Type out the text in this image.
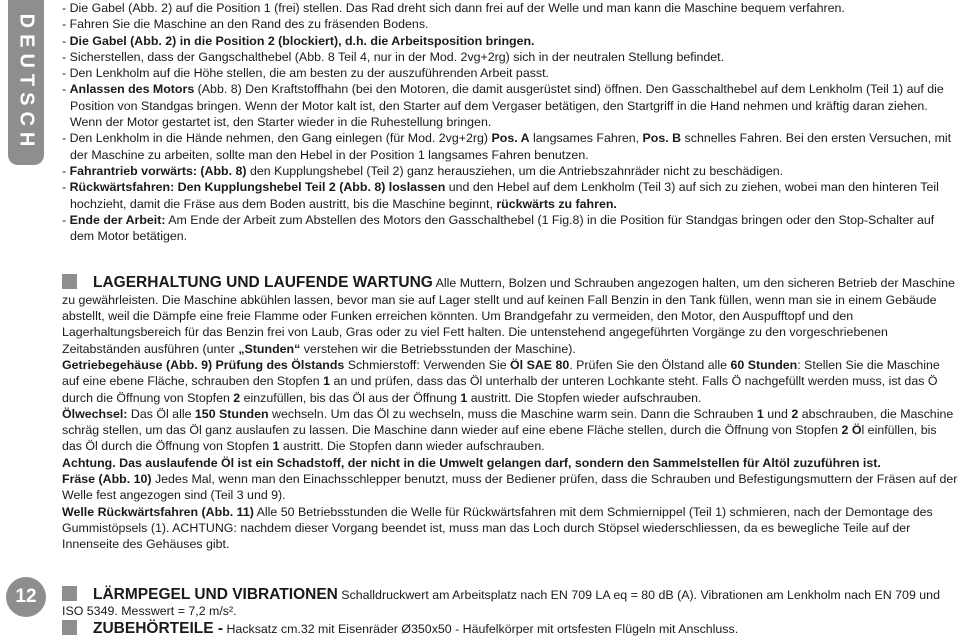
DEUTSCH
12
- Die Gabel (Abb. 2) auf die Position 1 (frei) stellen. Das Rad dreht sich dann frei auf der Welle und man kann die Maschine bequem verfahren.
- Fahren Sie die Maschine an den Rand des zu fräsenden Bodens.
- Die Gabel (Abb. 2) in die Position 2 (blockiert), d.h. die Arbeitsposition bringen.
- Sicherstellen, dass der Gangschalthebel (Abb. 8 Teil 4, nur in der Mod. 2vg+2rg) sich in der neutralen Stellung befindet.
- Den Lenkholm auf die Höhe stellen, die am besten zu der auszuführenden Arbeit passt.
- Anlassen des Motors (Abb. 8) Den Kraftstoffhahn (bei den Motoren, die damit ausgerüstet sind) öffnen. Den Gasschalthebel auf dem Lenkholm (Teil 1) auf die Position von Standgas bringen. Wenn der Motor kalt ist, den Starter auf dem Vergaser betätigen, den Startgriff in die Hand nehmen und kräftig daran ziehen. Wenn der Motor gestartet ist, den Starter wieder in die Ruhestellung bringen.
- Den Lenkholm in die Hände nehmen, den Gang einlegen (für Mod. 2vg+2rg) Pos. A langsames Fahren, Pos. B schnelles Fahren. Bei den ersten Versuchen, mit der Maschine zu arbeiten, sollte man den Hebel in der Position 1 langsames Fahren benutzen.
- Fahrantrieb vorwärts: (Abb. 8) den Kupplungshebel (Teil 2) ganz herausziehen, um die Antriebszahnräder nicht zu beschädigen.
- Rückwärtsfahren: Den Kupplungshebel Teil 2 (Abb. 8) loslassen und den Hebel auf dem Lenkholm (Teil 3) auf sich zu ziehen, wobei man den hinteren Teil hochzieht, damit die Fräse aus dem Boden austritt, bis die Maschine beginnt, rückwärts zu fahren.
- Ende der Arbeit: Am Ende der Arbeit zum Abstellen des Motors den Gasschalthebel (1 Fig.8) in die Position für Standgas bringen oder den Stop-Schalter auf dem Motor betätigen.

LAGERHALTUNG UND LAUFENDE WARTUNG Alle Muttern, Bolzen und Schrauben angezogen halten, um den sicheren Betrieb der Maschine zu gewährleisten. Die Maschine abkühlen lassen, bevor man sie auf Lager stellt und auf keinen Fall Benzin in den Tank füllen, wenn man sie in einem Gebäude abstellt, weil die Dämpfe eine freie Flamme oder Funken erreichen könnten. Um Brandgefahr zu vermeiden, den Motor, den Auspufftopf und den Lagerhaltungsbereich für das Benzin frei von Laub, Gras oder zu viel Fett halten. Die untenstehend angegeführten Vorgänge zu den vorgeschriebenen Zeitabständen ausführen (unter „Stunden“ verstehen wir die Betriebsstunden der Maschine).

Getriebegehäuse (Abb. 9) Prüfung des Ölstands Schmierstoff: Verwenden Sie Öl SAE 80. Prüfen Sie den Ölstand alle 60 Stunden: Stellen Sie die Maschine auf eine ebene Fläche, schrauben den Stopfen 1 an und prüfen, dass das Öl unterhalb der unteren Lochkante steht. Falls Ö nachgefüllt werden muss, ist das Ö durch die Öffnung von Stopfen 2 einzufüllen, bis das Öl aus der Öffnung 1 austritt. Die Stopfen wieder aufschrauben.

Ölwechsel: Das Öl alle 150 Stunden wechseln. Um das Öl zu wechseln, muss die Maschine warm sein. Dann die Schrauben 1 und 2 abschrauben, die Maschine schräg stellen, um das Öl ganz auslaufen zu lassen. Die Maschine dann wieder auf eine ebene Fläche stellen, durch die Öffnung von Stopfen 2 Öl einfüllen, bis das Öl durch die Öffnung von Stopfen 1 austritt. Die Stopfen dann wieder aufschrauben.

Achtung. Das auslaufende Öl ist ein Schadstoff, der nicht in die Umwelt gelangen darf, sondern den Sammelstellen für Altöl zuzuführen ist.

Fräse (Abb. 10) Jedes Mal, wenn man den Einachsschlepper benutzt, muss der Bediener prüfen, dass die Schrauben und Befestigungsmuttern der Fräsen auf der Welle fest angezogen sind (Teil 3 und 9).

Welle Rückwärtsfahren (Abb. 11) Alle 50 Betriebsstunden die Welle für Rückwärtsfahren mit dem Schmiernippel (Teil 1) schmieren, nach der Demontage des Gummistöpsels (1). ACHTUNG: nachdem dieser Vorgang beendet ist, muss man das Loch durch Stöpsel wiederschliessen, da es bewegliche Teile auf der Innenseite des Gehäuses gibt.

LÄRMPEGEL UND VIBRATIONEN Schalldruckwert am Arbeitsplatz nach EN 709 LA eq = 80 dB (A). Vibrationen am Lenkholm nach EN 709 und ISO 5349. Messwert = 7,2 m/s².

ZUBEHÖRTEILE - Hacksatz cm.32 mit Eisenräder Ø350x50 - Häufelkörper mit ortsfesten Flügeln mit Anschluss.
